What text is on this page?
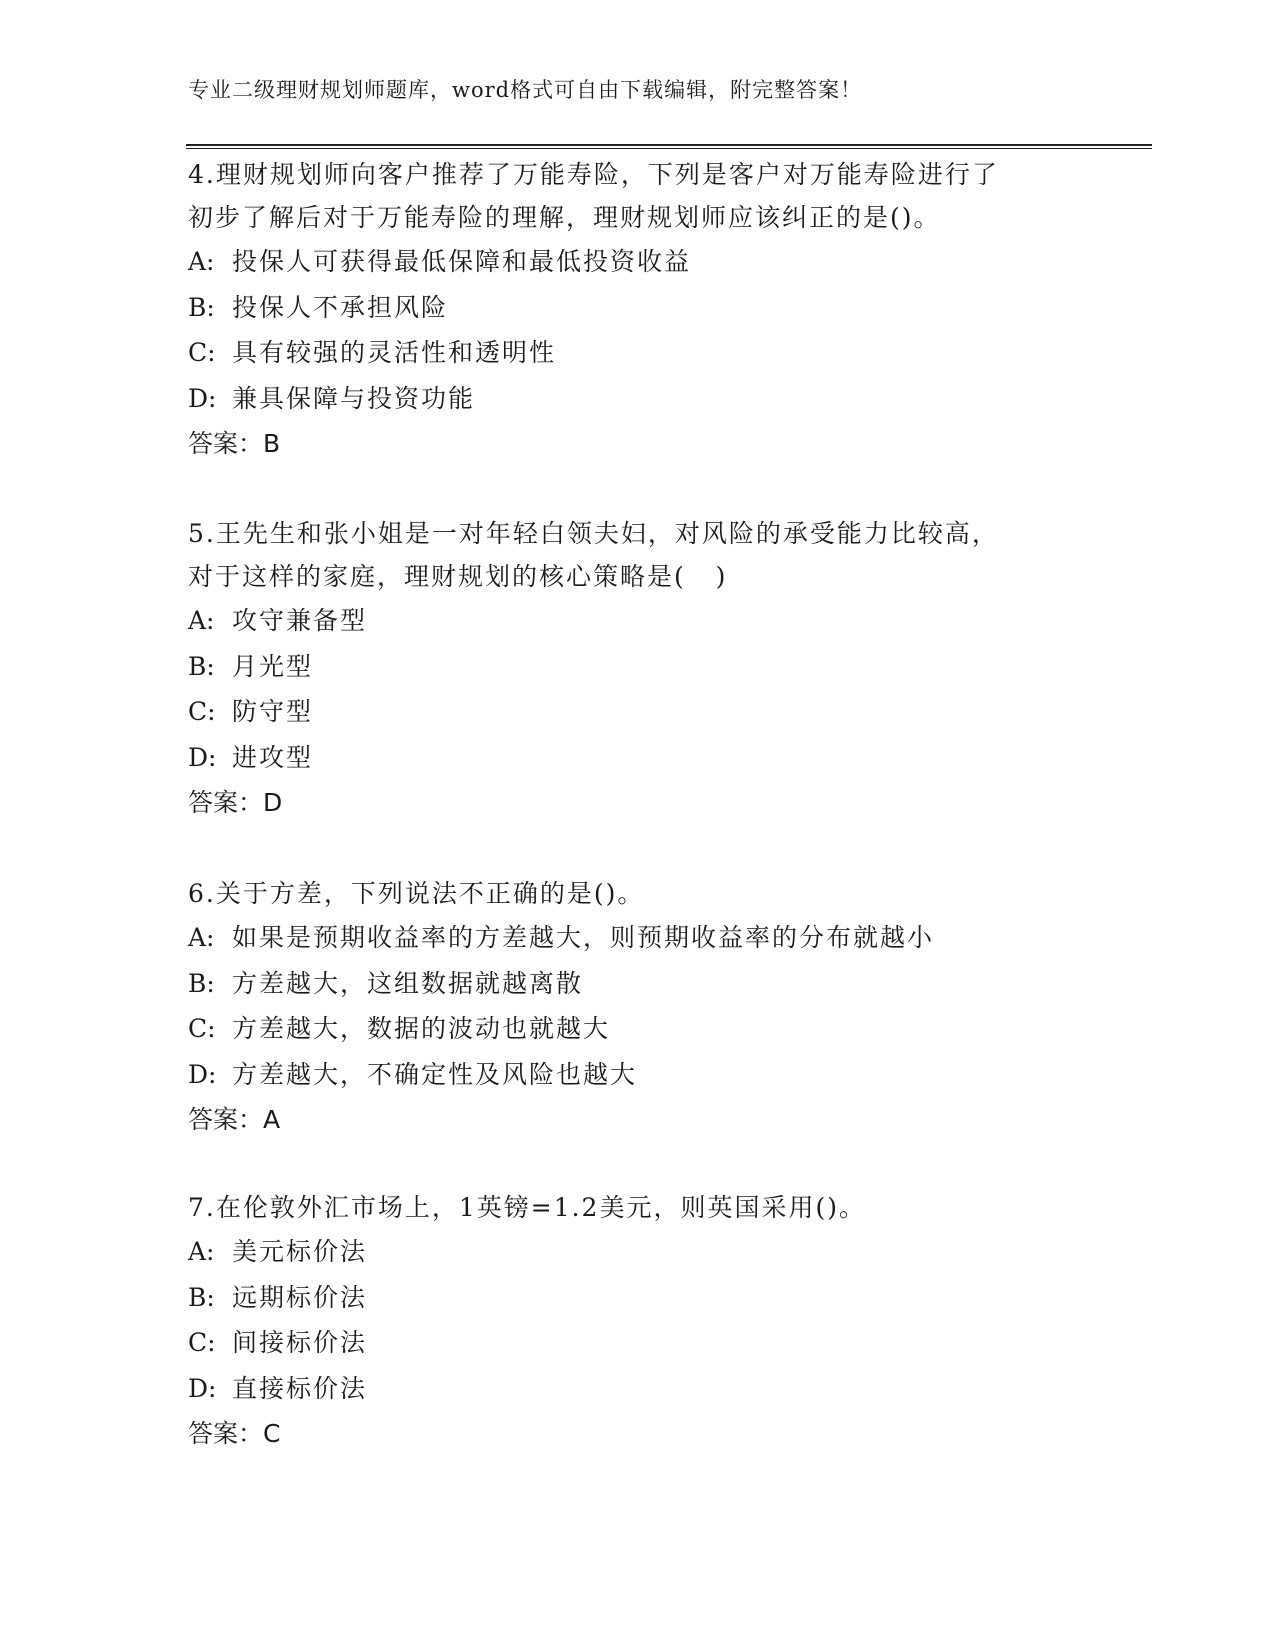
专业二级理财规划师题库，word格式可自由下载编辑，附完整答案！
4.理财规划师向客户推荐了万能寿险，下列是客户对万能寿险进行了
初步了解后对于万能寿险的理解，理财规划师应该纠正的是()。
A: 投保人可获得最低保障和最低投资收益
B: 投保人不承担风险
C: 具有较强的灵活性和透明性
D: 兼具保障与投资功能
答案：B
5.王先生和张小姐是一对年轻白领夫妇，对风险的承受能力比较高，
对于这样的家庭，理财规划的核心策略是(   )
A: 攻守兼备型
B: 月光型
C: 防守型
D: 进攻型
答案：D
6.关于方差，下列说法不正确的是()。
A: 如果是预期收益率的方差越大，则预期收益率的分布就越小
B: 方差越大，这组数据就越离散
C: 方差越大，数据的波动也就越大
D: 方差越大，不确定性及风险也越大
答案：A
7.在伦敦外汇市场上，1英镑=1.2美元，则英国采用()。
A: 美元标价法
B: 远期标价法
C: 间接标价法
D: 直接标价法
答案：C
